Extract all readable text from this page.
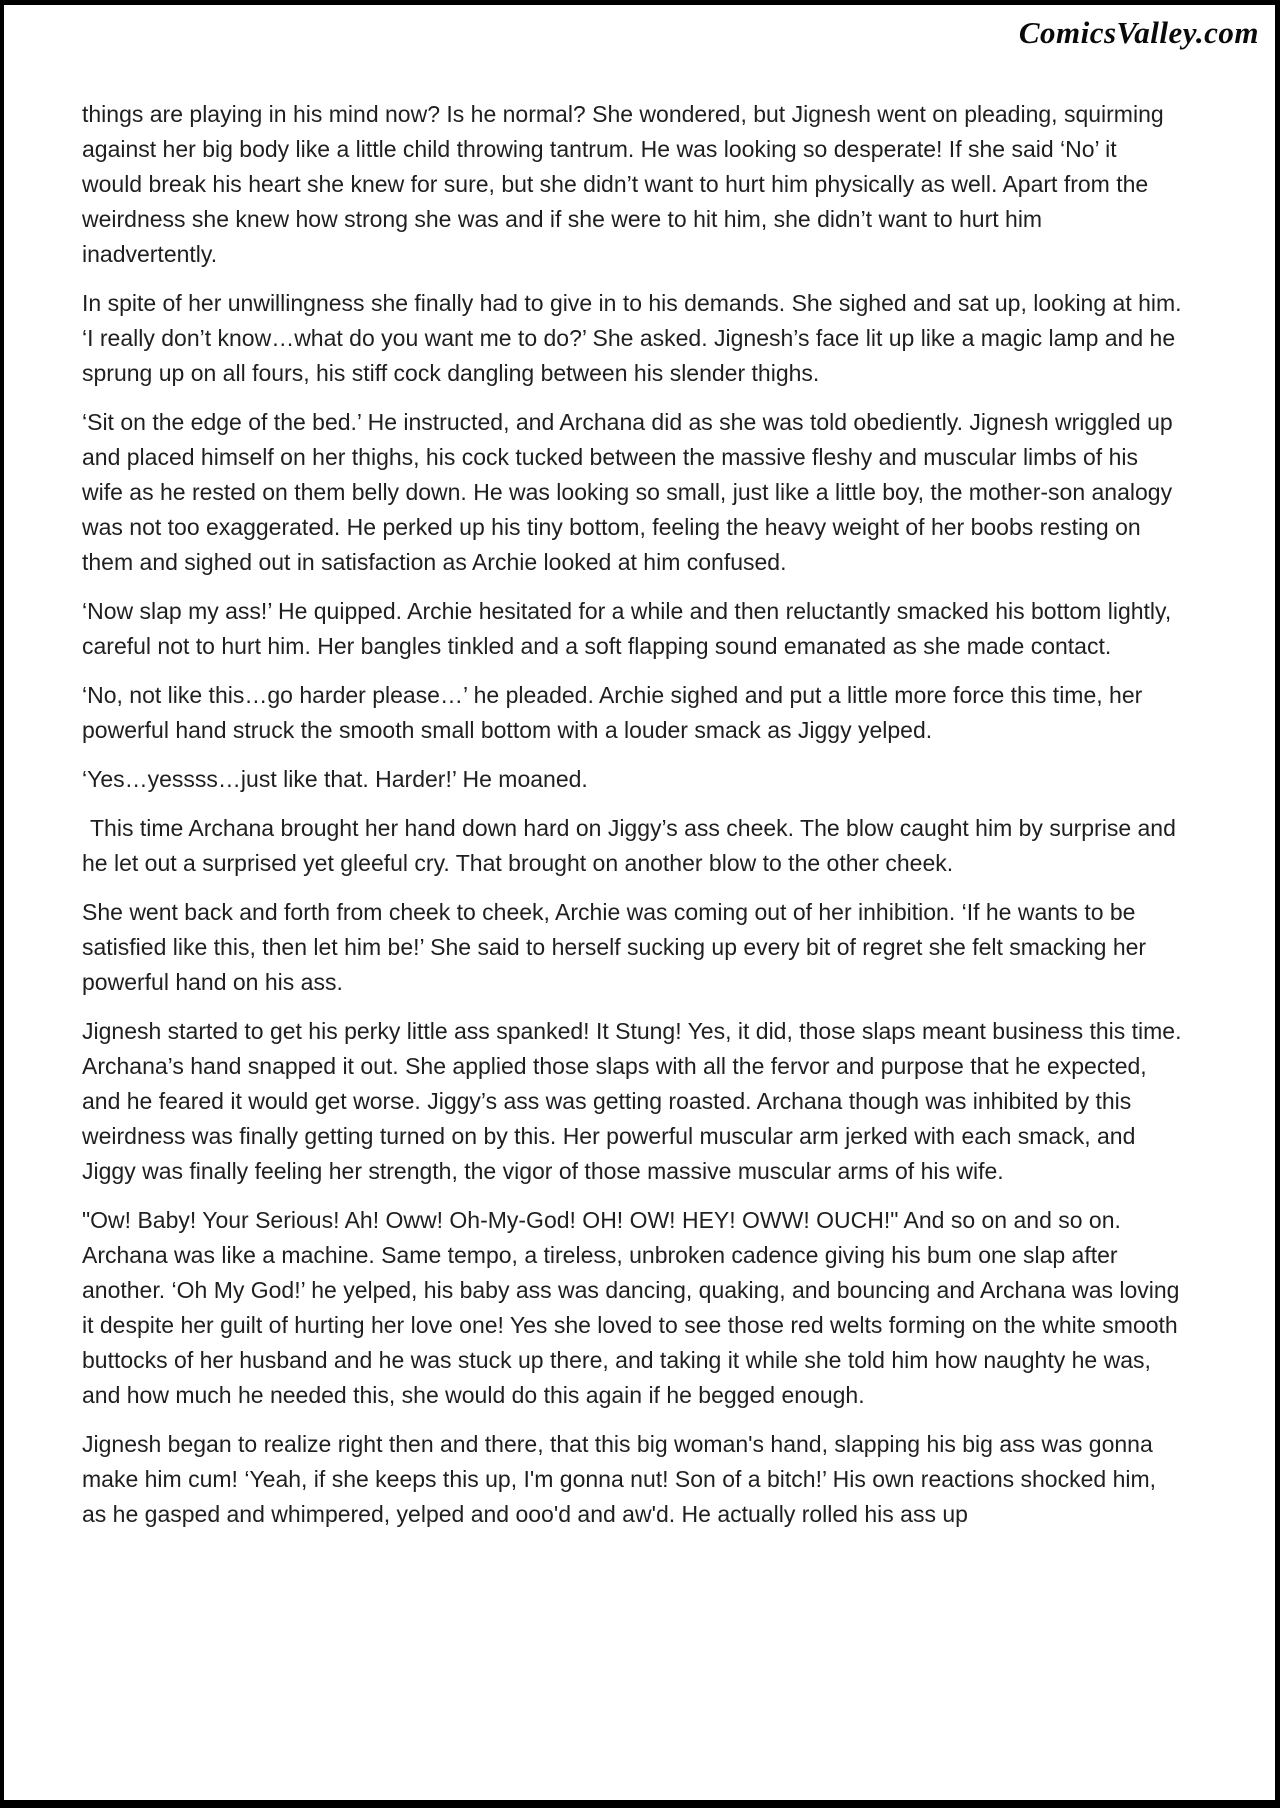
ComicsValley.com

things are playing in his mind now? Is he normal? She wondered, but Jignesh went on pleading, squirming against her big body like a little child throwing tantrum. He was looking so desperate! If she said ‘No’ it would break his heart she knew for sure, but she didn’t want to hurt him physically as well. Apart from the weirdness she knew how strong she was and if she were to hit him, she didn’t want to hurt him inadvertently.

In spite of her unwillingness she finally had to give in to his demands. She sighed and sat up, looking at him. ‘I really don’t know…what do you want me to do?’ She asked. Jignesh’s face lit up like a magic lamp and he sprung up on all fours, his stiff cock dangling between his slender thighs.

‘Sit on the edge of the bed.’ He instructed, and Archana did as she was told obediently. Jignesh wriggled up and placed himself on her thighs, his cock tucked between the massive fleshy and muscular limbs of his wife as he rested on them belly down. He was looking so small, just like a little boy, the mother-son analogy was not too exaggerated. He perked up his tiny bottom, feeling the heavy weight of her boobs resting on them and sighed out in satisfaction as Archie looked at him confused.

‘Now slap my ass!’ He quipped. Archie hesitated for a while and then reluctantly smacked his bottom lightly, careful not to hurt him. Her bangles tinkled and a soft flapping sound emanated as she made contact.

‘No, not like this…go harder please…’ he pleaded. Archie sighed and put a little more force this time, her powerful hand struck the smooth small bottom with a louder smack as Jiggy yelped.

‘Yes…yessss…just like that. Harder!’ He moaned.

This time Archana brought her hand down hard on Jiggy’s ass cheek. The blow caught him by surprise and he let out a surprised yet gleeful cry. That brought on another blow to the other cheek.

She went back and forth from cheek to cheek, Archie was coming out of her inhibition. ‘If he wants to be satisfied like this, then let him be!’ She said to herself sucking up every bit of regret she felt smacking her powerful hand on his ass.

Jignesh started to get his perky little ass spanked! It Stung! Yes, it did, those slaps meant business this time. Archana’s hand snapped it out. She applied those slaps with all the fervor and purpose that he expected, and he feared it would get worse. Jiggy’s ass was getting roasted. Archana though was inhibited by this weirdness was finally getting turned on by this. Her powerful muscular arm jerked with each smack, and Jiggy was finally feeling her strength, the vigor of those massive muscular arms of his wife.

"Ow! Baby! Your Serious! Ah! Oww! Oh-My-God! OH! OW! HEY! OWW! OUCH!" And so on and so on. Archana was like a machine. Same tempo, a tireless, unbroken cadence giving his bum one slap after another. ‘Oh My God!’ he yelped, his baby ass was dancing, quaking, and bouncing and Archana was loving it despite her guilt of hurting her love one! Yes she loved to see those red welts forming on the white smooth buttocks of her husband and he was stuck up there, and taking it while she told him how naughty he was, and how much he needed this, she would do this again if he begged enough.

Jignesh began to realize right then and there, that this big woman's hand, slapping his big ass was gonna make him cum! ‘Yeah, if she keeps this up, I'm gonna nut! Son of a bitch!’ His own reactions shocked him, as he gasped and whimpered, yelped and ooo'd and aw'd. He actually rolled his ass up
